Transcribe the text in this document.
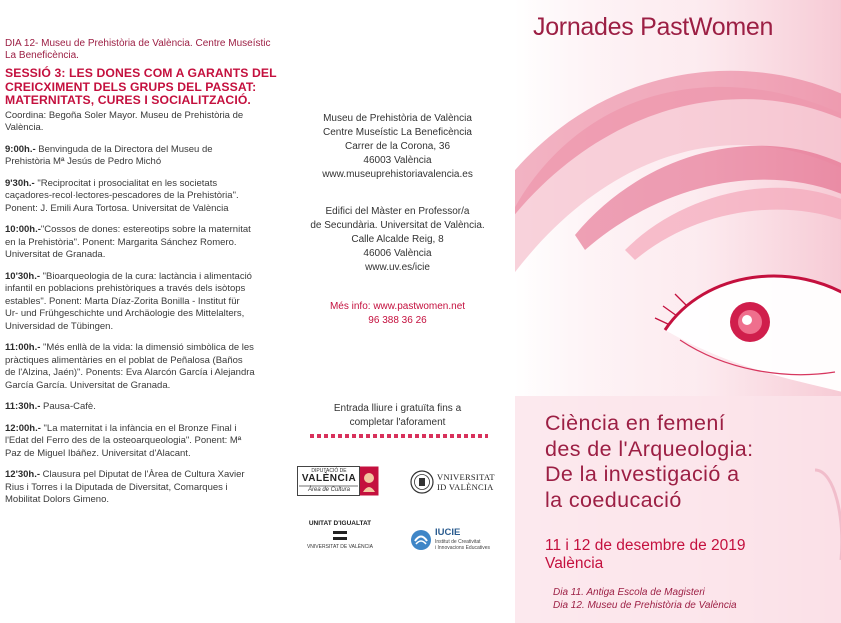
DIA 12- Museu de Prehistòria de València. Centre Museístic La Beneficència.
SESSIÓ 3: LES DONES COM A GARANTS DEL CREICXIMENT DELS GRUPS DEL PASSAT: MATERNITATS, CURES I SOCIALITZACIÓ.
Coordina: Begoña Soler Mayor. Museu de Prehistòria de València.
9:00h.- Benvinguda de la Directora del Museu de Prehistòria Mª Jesús de Pedro Michó
9'30h.- "Reciprocitat i prosocialitat en les societats caçadores-recol·lectores-pescadores de la Prehistòria". Ponent: J. Emili Aura Tortosa. Universitat de València
10:00h.-"Cossos de dones: estereotips sobre la maternitat en la Prehistòria". Ponent: Margarita Sánchez Romero. Universitat de Granada.
10'30h.- "Bioarqueologia de la cura: lactància i alimentació infantil en poblacions prehistòriques a través dels isòtops estables". Ponent: Marta Díaz-Zorita Bonilla - Institut für Ur- und Frühgeschichte und Archäologie des Mittelalters, Universidad de Tübingen.
11:00h.- "Més enllà de la vida: la dimensió simbòlica de les pràctiques alimentàries en el poblat de Peñalosa (Baños de l'Alzina, Jaén)". Ponents: Eva Alarcón García i Alejandra García García. Universitat de Granada.
11:30h.- Pausa-Cafè.
12:00h.- "La maternitat i la infància en el Bronze Final i l'Edat del Ferro des de la osteoarqueologia". Ponent: Mª Paz de Miguel Ibáñez. Universitat d'Alacant.
12'30h.- Clausura pel Diputat de l'Àrea de Cultura Xavier Rius i Torres i la Diputada de Diversitat, Comarques i Mobilitat Dolors Gimeno.
Museu de Prehistòria de València
Centre Museístic La Beneficència
Carrer de la Corona, 36
46003 València
www.museuprehistoriavalencia.es
Edifici del Màster en Professor/a
de Secundària. Universitat de València.
Calle Alcalde Reig, 8
46006 València
www.uv.es/icie
Més info: www.pastwomen.net
96 388 36 26
Entrada lliure i gratuïta fins a
completar l'aforament
DIPUTACIÓ DE
VALÈNCIA
Àrea de Cultura
VNIVERSITAT
ID VALÈNCIA
UNITAT D'IGUALTAT
VNIVERSITAT DE VALÈNCIA
IUCIE
Institut de Creativitat
i Innovacions Educatives
Jornades PastWomen
Ciència en femení
des de l'Arqueologia:
De la investigació a
la coeducació
11 i 12 de desembre de 2019
València
Dia 11. Antiga Escola de Magisteri
Dia 12. Museu de Prehistòria de València
